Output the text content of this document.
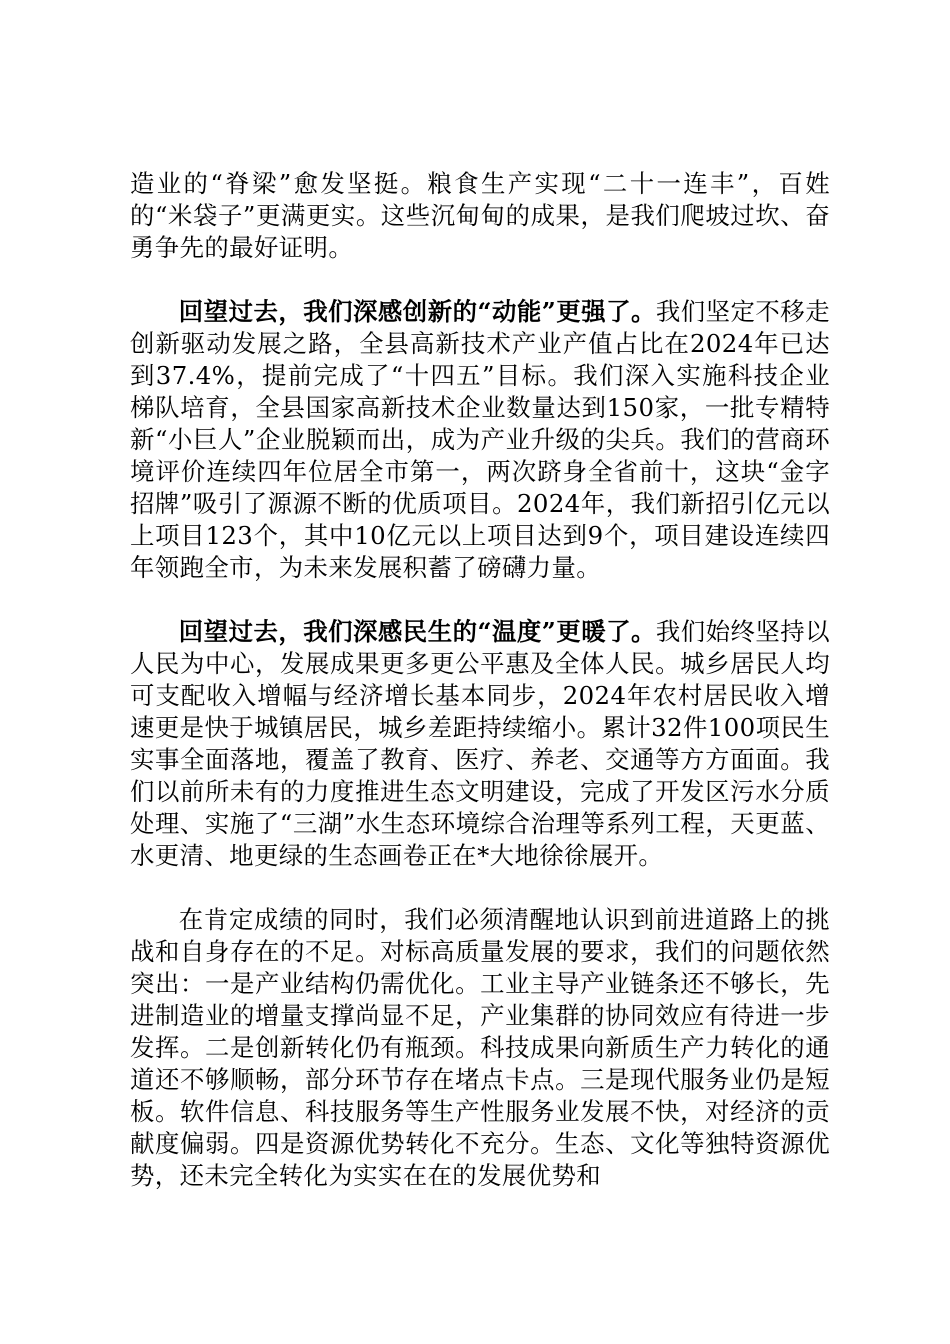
造业的“脊梁”愈发坚挺。粮食生产实现“二十一连丰”，百姓的“米袋子”更满更实。这些沉甸甸的成果，是我们爬坡过坎、奋勇争先的最好证明。

回望过去，我们深感创新的“动能”更强了。我们坚定不移走创新驱动发展之路，全县高新技术产业产值占比在2024年已达到37.4%，提前完成了“十四五”目标。我们深入实施科技企业梯队培育，全县国家高新技术企业数量达到150家，一批专精特新“小巨人”企业脱颖而出，成为产业升级的尖兵。我们的营商环境评价连续四年位居全市第一，两次跻身全省前十，这块“金字招牌”吸引了源源不断的优质项目。2024年，我们新招引亿元以上项目123个，其中10亿元以上项目达到9个，项目建设连续四年领跑全市，为未来发展积蓄了磅礴力量。

回望过去，我们深感民生的“温度”更暖了。我们始终坚持以人民为中心，发展成果更多更公平惠及全体人民。城乡居民人均可支配收入增幅与经济增长基本同步，2024年农村居民收入增速更是快于城镇居民，城乡差距持续缩小。累计32件100项民生实事全面落地，覆盖了教育、医疗、养老、交通等方方面面。我们以前所未有的力度推进生态文明建设，完成了开发区污水分质处理、实施了“三湖”水生态环境综合治理等系列工程，天更蓝、水更清、地更绿的生态画卷正在*大地徐徐展开。

在肯定成绩的同时，我们必须清醒地认识到前进道路上的挑战和自身存在的不足。对标高质量发展的要求，我们的问题依然突出：一是产业结构仍需优化。工业主导产业链条还不够长，先进制造业的增量支撑尚显不足，产业集群的协同效应有待进一步发挥。二是创新转化仍有瓶颈。科技成果向新质生产力转化的通道还不够顺畅，部分环节存在堵点卡点。三是现代服务业仍是短板。软件信息、科技服务等生产性服务业发展不快，对经济的贡献度偏弱。四是资源优势转化不充分。生态、文化等独特资源优势，还未完全转化为实实在在的发展优势和
